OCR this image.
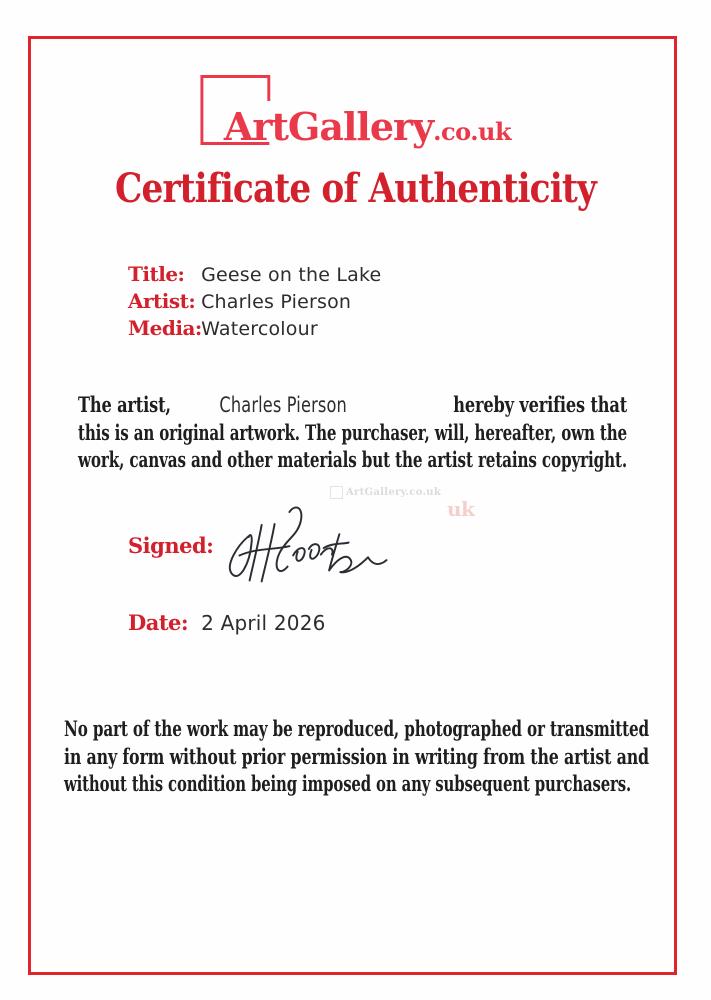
ArtGallery.co.uk
Certificate of Authenticity
Title: Geese on the Lake
Artist: Charles Pierson
Media: Watercolour
The artist, Charles Pierson	hereby verifies that
this is an original artwork. The purchaser, will, hereafter, own the
work, canvas and other materials but the artist retains copyright.
ArtGallery.co.uk
uk
Signed:
Date: 2 April 2026
No part of the work may be reproduced, photographed or transmitted
in any form without prior permission in writing from the artist and
without this condition being imposed on any subsequent purchasers.
